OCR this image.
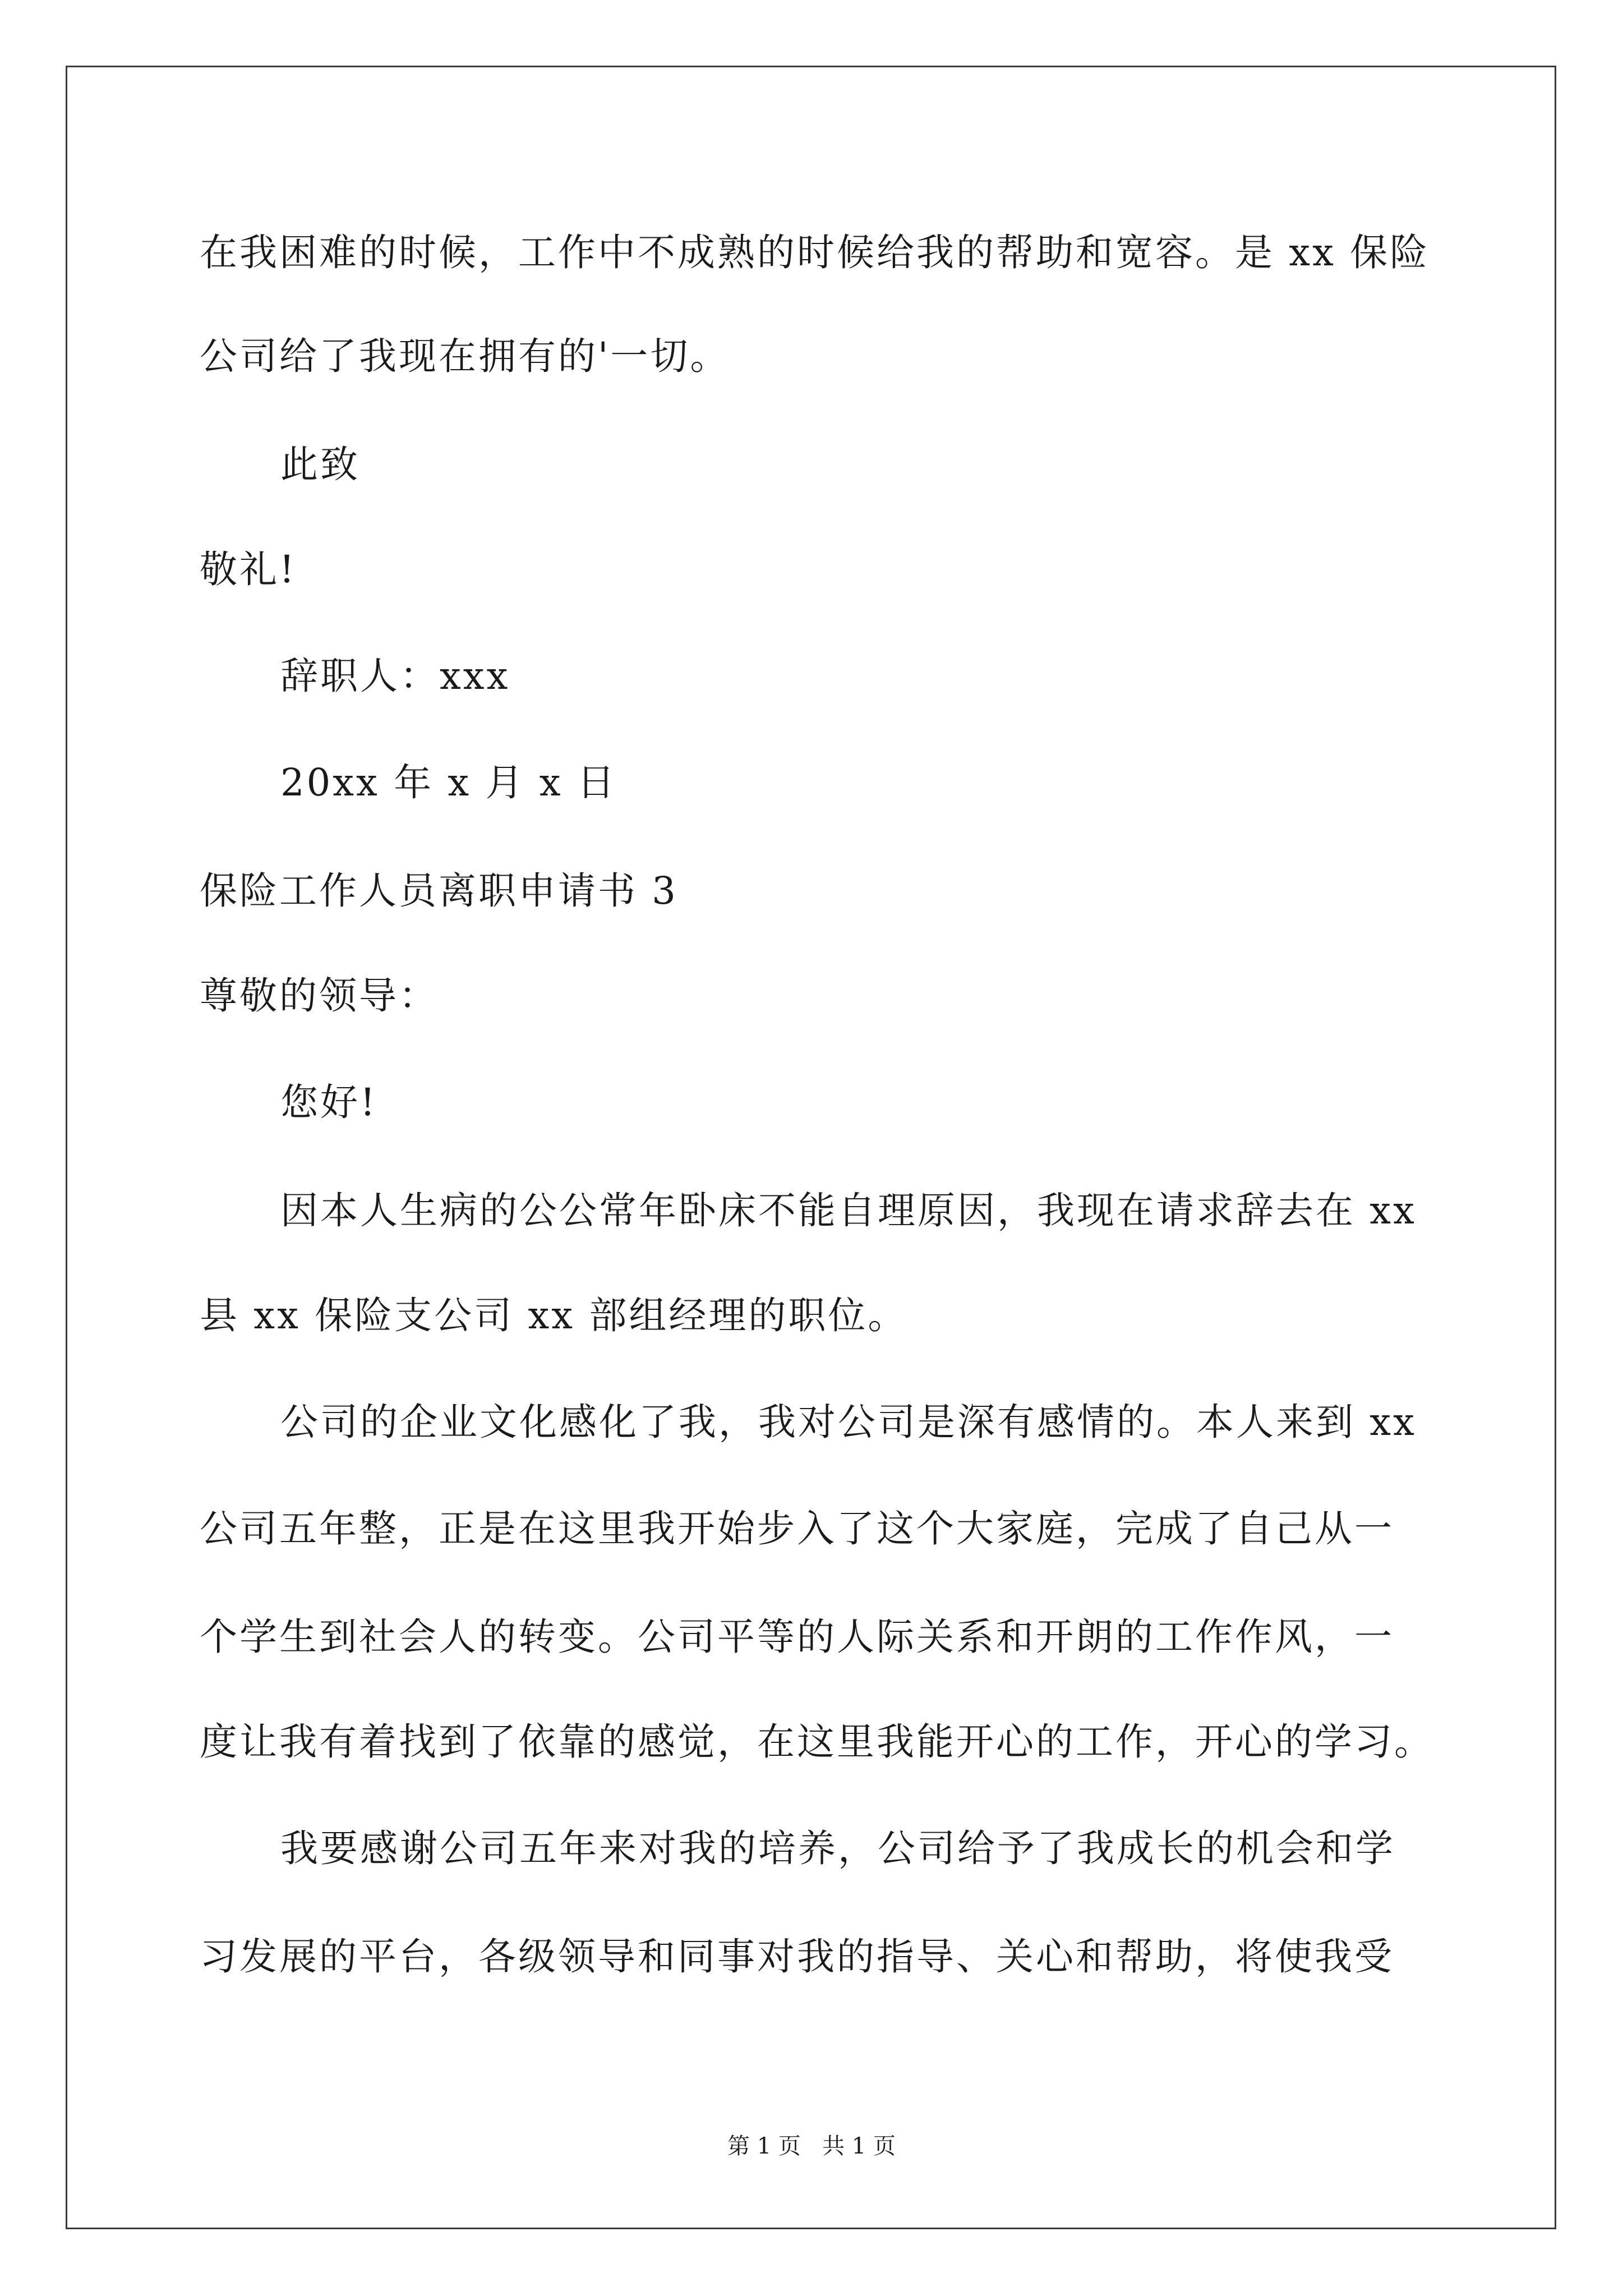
在我困难的时候，工作中不成熟的时候给我的帮助和宽容。是 xx 保险
公司给了我现在拥有的'一切。
此致
敬礼!
辞职人：xxx
20xx 年 x 月 x 日
保险工作人员离职申请书 3
尊敬的领导：
您好!
因本人生病的公公常年卧床不能自理原因，我现在请求辞去在 xx
县 xx 保险支公司 xx 部组经理的职位。
公司的企业文化感化了我，我对公司是深有感情的。本人来到 xx
公司五年整，正是在这里我开始步入了这个大家庭，完成了自己从一
个学生到社会人的转变。公司平等的人际关系和开朗的工作作风，一
度让我有着找到了依靠的感觉，在这里我能开心的工作，开心的学习。
我要感谢公司五年来对我的培养，公司给予了我成长的机会和学
习发展的平台，各级领导和同事对我的指导、关心和帮助，将使我受
第 1 页   共 1 页
